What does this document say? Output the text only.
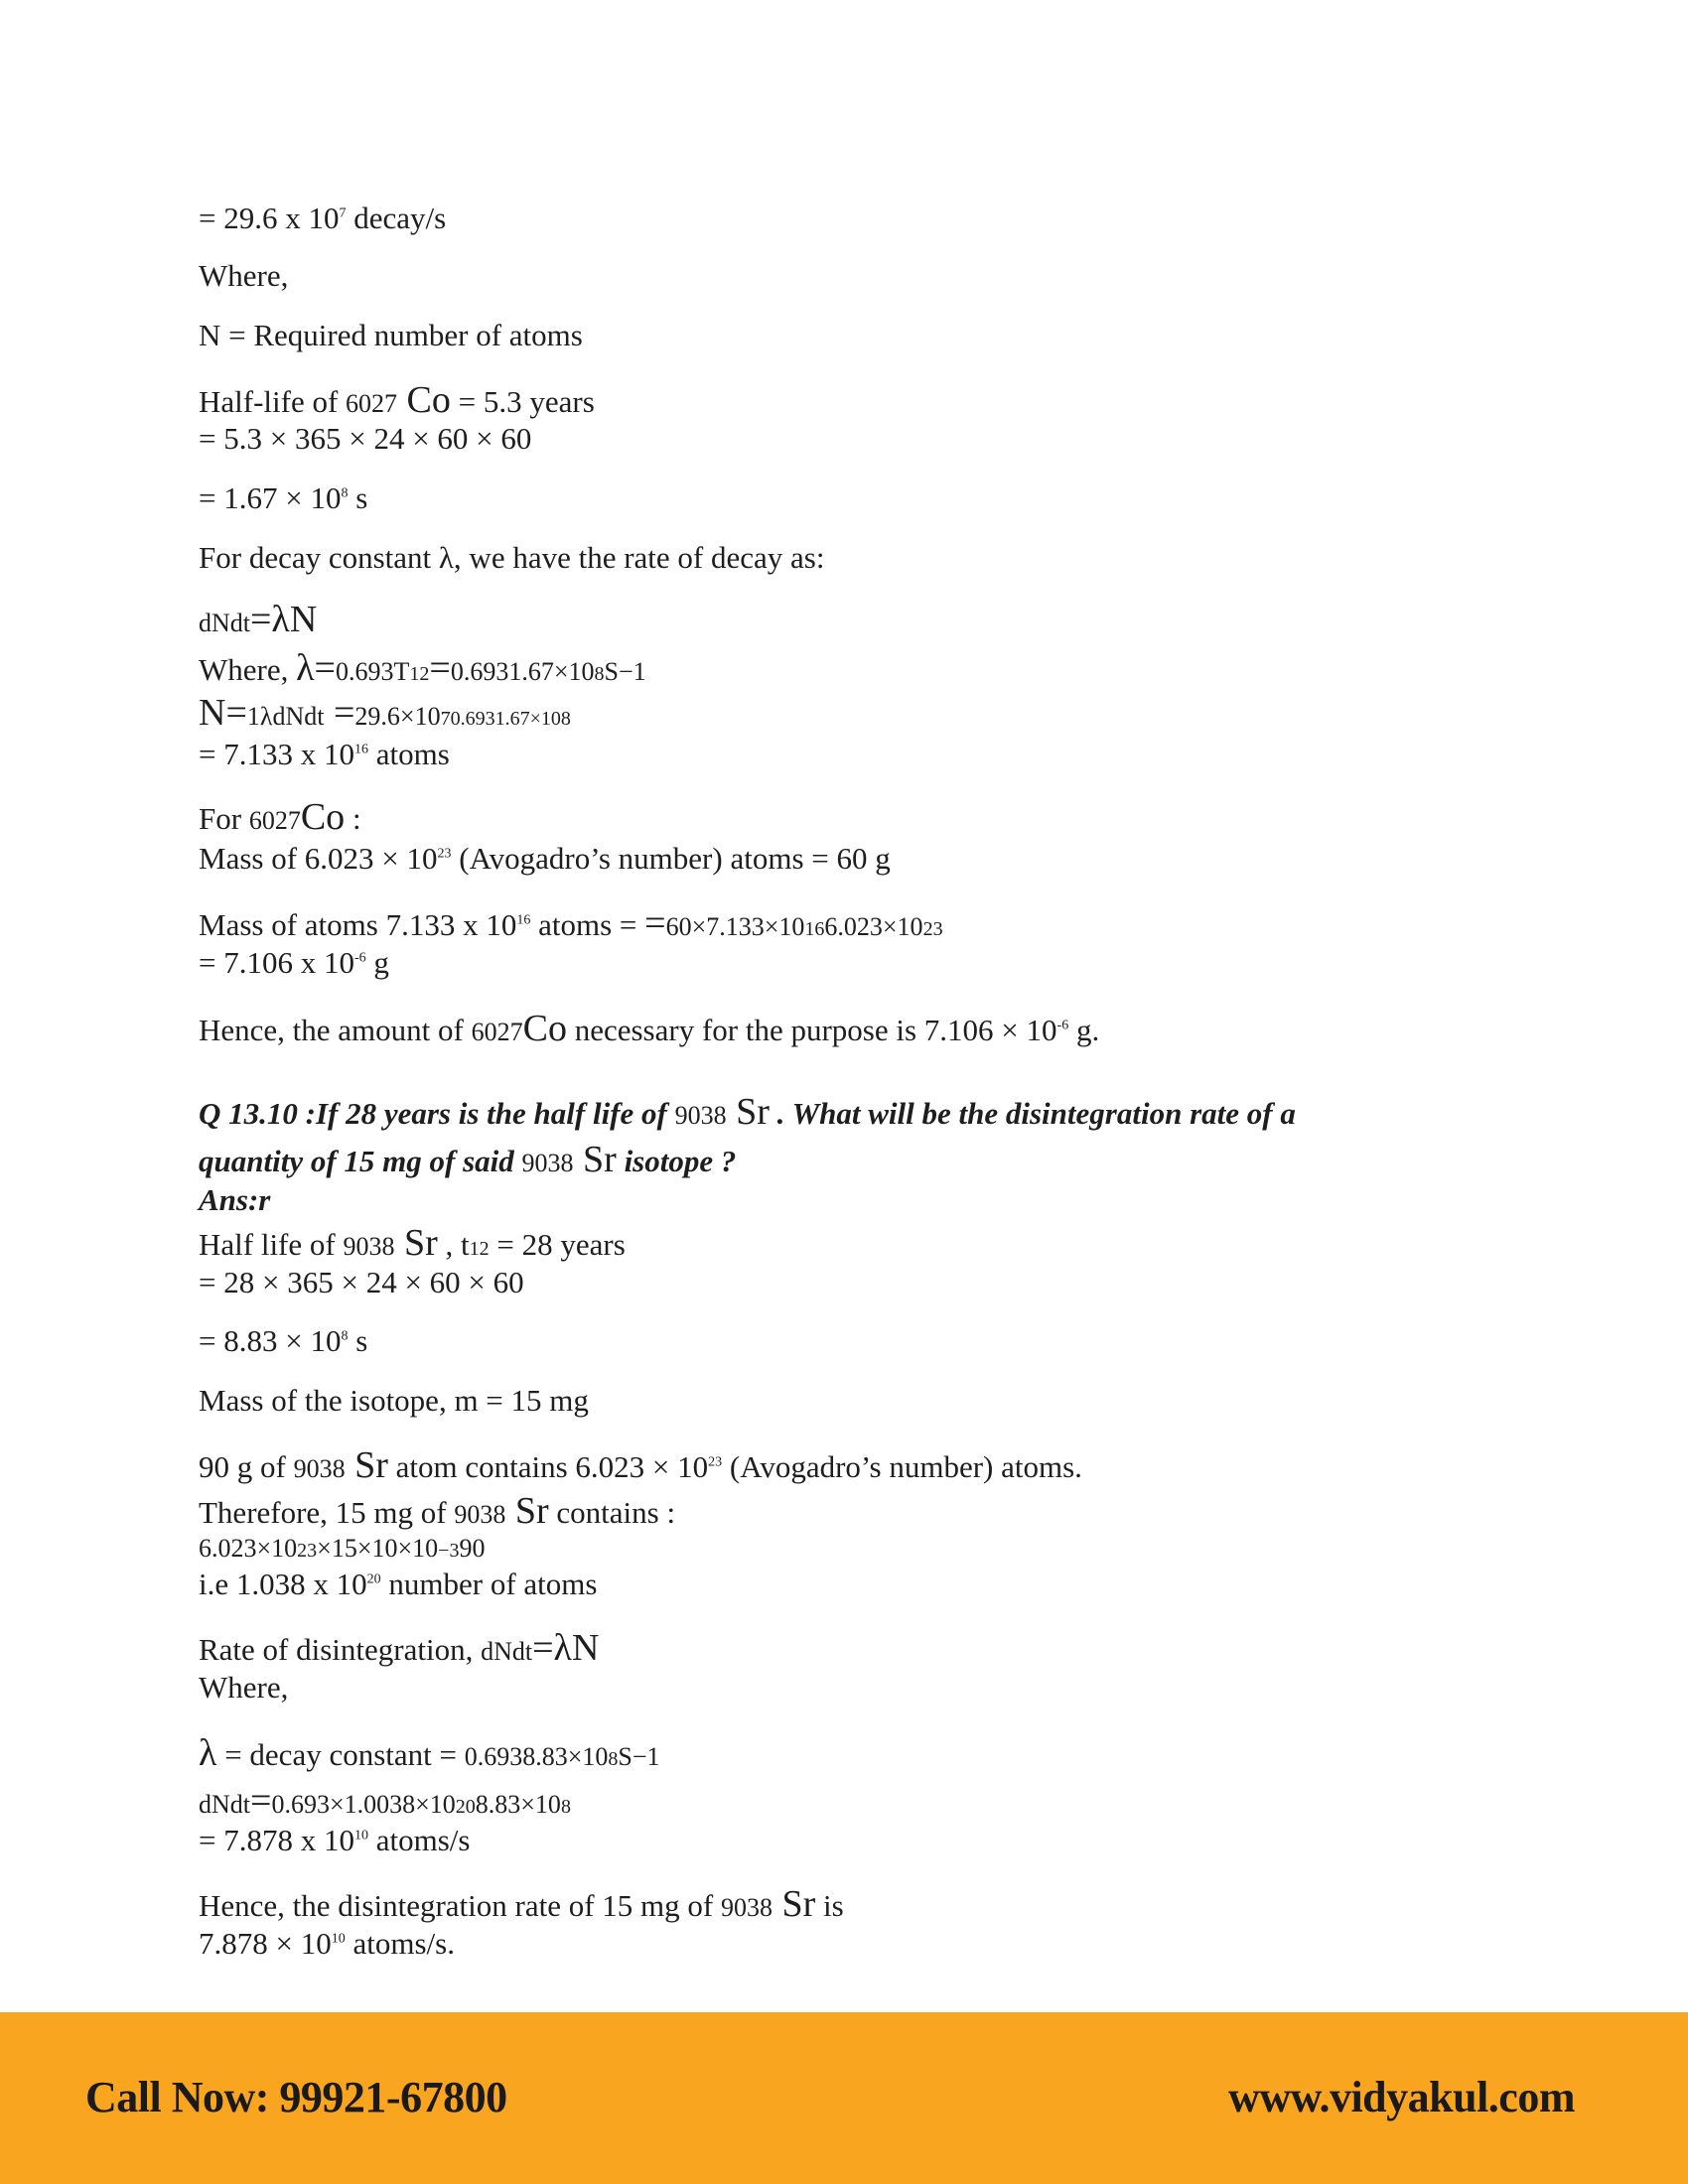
= 29.6 x $10^7$ decay/s
Where,
N = Required number of atoms
Half-life of 6027 Co = 5.3 years
= 5.3 × 365 × 24 × 60 × 60
= $1.67 \times 10^8$ s
For decay constant λ, we have the rate of decay as:
dNdt=λN
Where, λ=0.693T12=0.6931.67×108S−1
N=1λdNdt =29.6×1070.6931.67×108
= 7.133 x $10^{16}$ atoms
For 6027Co :
Mass of $6.023 \times 10^{23}$ (Avogadro’s number) atoms = 60 g
Mass of atoms 7.133 x $10^{16}$ atoms = =60×7.133×10166.023×1023
= 7.106 x $10^{-6}$ g
Hence, the amount of 6027Co necessary for the purpose is $7.106 \times 10^{-6}$ g.
Q 13.10 :If 28 years is the half life of 9038 Sr . What will be the disintegration rate of a
quantity of 15 mg of said 9038 Sr isotope ?
Ans:r
Half life of 9038 Sr , t12 = 28 years
= 28 × 365 × 24 × 60 × 60
= $8.83 \times 10^8$ s
Mass of the isotope, m = 15 mg
90 g of 9038 Sr atom contains $6.023 \times 10^{23}$ (Avogadro’s number) atoms.
Therefore, 15 mg of 9038 Sr contains :
6.023×1023×15×10×10−390
i.e 1.038 x $10^{20}$ number of atoms
Rate of disintegration, dNdt=λN
Where,
λ = decay constant = 0.6938.83×108S−1
dNdt=0.693×1.0038×10208.83×108
= 7.878 x $10^{10}$ atoms/s
Hence, the disintegration rate of 15 mg of 9038 Sr is
$7.878 \times 10^{10}$ atoms/s.
Call Now: 99921-67800	www.vidyakul.com
